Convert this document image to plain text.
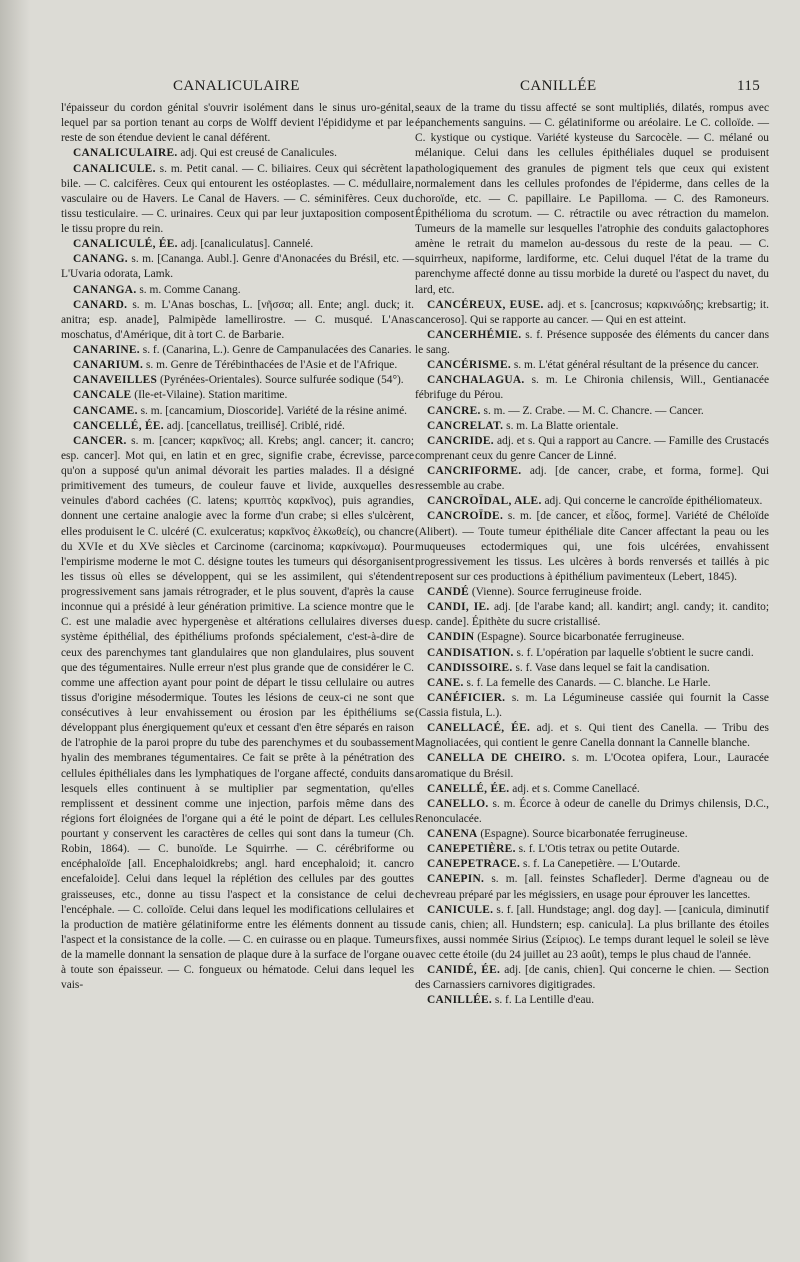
CANALICULAIRE	CANILLÉE	115

l'épaisseur du cordon génital s'ouvrir isolément dans le sinus uro-génital, lequel par sa portion tenant au corps de Wolff devient l'épididyme et par le reste de son étendue devient le canal déférent.

CANALICULAIRE. adj. Qui est creusé de Canalicules.

CANALICULE. s. m. Petit canal. — C. biliaires. Ceux qui sécrètent la bile. — C. calcifères. Ceux qui entourent les ostéoplastes. — C. médullaire, vasculaire ou de Havers. Le Canal de Havers. — C. séminifères. Ceux du tissu testiculaire. — C. urinaires. Ceux qui par leur juxtaposition composent le tissu propre du rein.

CANALICULÉ, ÉE. adj. [canaliculatus]. Cannelé.

CANANG. s. m. [Cananga. Aubl.]. Genre d'Anonacées du Brésil, etc. — L'Uvaria odorata, Lamk.

CANANGA. s. m. Comme Canang.

CANARD. s. m. L'Anas boschas, L. [νῆσσα; all. Ente; angl. duck; it. anitra; esp. anade], Palmipède lamellirostre. — C. musqué. L'Anas moschatus, d'Amérique, dit à tort C. de Barbarie.

CANARINE. s. f. (Canarina, L.). Genre de Campanulacées des Canaries.

CANARIUM. s. m. Genre de Térébinthacées de l'Asie et de l'Afrique.

CANAVEILLES (Pyrénées-Orientales). Source sulfurée sodique (54°).

CANCALE (Ile-et-Vilaine). Station maritime.

CANCAME. s. m. [cancamium, Dioscoride]. Variété de la résine animé.

CANCELLÉ, ÉE. adj. [cancellatus, treillisé]. Criblé, ridé.

CANCER. s. m. [cancer; καρκῖνος; all. Krebs; angl. cancer; it. cancro; esp. cancer]. Mot qui, en latin et en grec, signifie crabe, écrevisse, parce qu'on a supposé qu'un animal dévorait les parties malades. Il a désigné primitivement des tumeurs, de couleur fauve et livide, auxquelles des veinules d'abord cachées (C. latens; κρυπτὸς καρκῖνος), puis agrandies, donnent une certaine analogie avec la forme d'un crabe; si elles s'ulcèrent, elles produisent le C. ulcéré (C. exulceratus; καρκῖνος ἑλκωθείς), ou chancre du XVIe et du XVe siècles et Carcinome (carcinoma; καρκίνωμα). Pour l'empirisme moderne le mot C. désigne toutes les tumeurs qui désorganisent les tissus où elles se développent, qui se les assimilent, qui s'étendent progressivement sans jamais rétrograder, et le plus souvent, d'après la cause inconnue qui a présidé à leur génération primitive. La science montre que le C. est une maladie avec hypergenèse et altérations cellulaires diverses du système épithélial, des épithéliums profonds spécialement, c'est-à-dire de ceux des parenchymes tant glandulaires que non glandulaires, plus souvent que des tégumentaires. Nulle erreur n'est plus grande que de considérer le C. comme une affection ayant pour point de départ le tissu cellulaire ou autres tissus d'origine mésodermique. Toutes les lésions de ceux-ci ne sont que consécutives à leur envahissement ou érosion par les épithéliums se développant plus énergiquement qu'eux et cessant d'en être séparés en raison de l'atrophie de la paroi propre du tube des parenchymes et du soubassement hyalin des membranes tégumentaires. Ce fait se prête à la pénétration des cellules épithéliales dans les lymphatiques de l'organe affecté, conduits dans lesquels elles continuent à se multiplier par segmentation, qu'elles remplissent et dessinent comme une injection, parfois même dans des régions fort éloignées de l'organe qui a été le point de départ. Les cellules pourtant y conservent les caractères de celles qui sont dans la tumeur (Ch. Robin, 1864). — C. bunoïde. Le Squirrhe. — C. cérébriforme ou encéphaloïde [all. Encephaloidkrebs; angl. hard encephaloid; it. cancro encefaloide]. Celui dans lequel la réplétion des cellules par des gouttes graisseuses, etc., donne au tissu l'aspect et la consistance de celui de l'encéphale. — C. colloïde. Celui dans lequel les modifications cellulaires et la production de matière gélatiniforme entre les éléments donnent au tissu l'aspect et la consistance de la colle. — C. en cuirasse ou en plaque. Tumeurs de la mamelle donnant la sensation de plaque dure à la surface de l'organe ou à toute son épaisseur. — C. fongueux ou hématode. Celui dans lequel les vais-

seaux de la trame du tissu affecté se sont multipliés, dilatés, rompus avec épanchements sanguins. — C. gélatiniforme ou aréolaire. Le C. colloïde. — C. kystique ou cystique. Variété kysteuse du Sarcocèle. — C. mélané ou mélanique. Celui dans les cellules épithéliales duquel se produisent pathologiquement des granules de pigment tels que ceux qui existent normalement dans les cellules profondes de l'épiderme, dans celles de la choroïde, etc. — C. papillaire. Le Papilloma. — C. des Ramoneurs. Épithélioma du scrotum. — C. rétractile ou avec rétraction du mamelon. Tumeurs de la mamelle sur lesquelles l'atrophie des conduits galactophores amène le retrait du mamelon au-dessous du reste de la peau. — C. squirrheux, napiforme, lardiforme, etc. Celui duquel l'état de la trame du parenchyme affecté donne au tissu morbide la dureté ou l'aspect du navet, du lard, etc.

CANCÉREUX, EUSE. adj. et s. [cancrosus; καρκινώδης; krebsartig; it. canceroso]. Qui se rapporte au cancer. — Qui en est atteint.

CANCERHÉMIE. s. f. Présence supposée des éléments du cancer dans le sang.

CANCÉRISME. s. m. L'état général résultant de la présence du cancer.

CANCHALAGUA. s. m. Le Chironia chilensis, Will., Gentianacée fébrifuge du Pérou.

CANCRE. s. m. — Z. Crabe. — M. C. Chancre. — Cancer.

CANCRELAT. s. m. La Blatte orientale.

CANCRIDE. adj. et s. Qui a rapport au Cancre. — Famille des Crustacés comprenant ceux du genre Cancer de Linné.

CANCRIFORME. adj. [de cancer, crabe, et forma, forme]. Qui ressemble au crabe.

CANCROÏDAL, ALE. adj. Qui concerne le cancroïde épithéliomateux.

CANCROÏDE. s. m. [de cancer, et εἶδος, forme]. Variété de Chéloïde (Alibert). — Toute tumeur épithéliale dite Cancer affectant la peau ou les muqueuses ectodermiques qui, une fois ulcérées, envahissent progressivement les tissus. Les ulcères à bords renversés et taillés à pic reposent sur ces productions à épithélium pavimenteux (Lebert, 1845).

CANDÉ (Vienne). Source ferrugineuse froide.

CANDI, IE. adj. [de l'arabe kand; all. kandirt; angl. candy; it. candito; esp. cande]. Épithète du sucre cristallisé.

CANDIN (Espagne). Source bicarbonatée ferrugineuse.

CANDISATION. s. f. L'opération par laquelle s'obtient le sucre candi.

CANDISSOIRE. s. f. Vase dans lequel se fait la candisation.

CANE. s. f. La femelle des Canards. — C. blanche. Le Harle.

CANÉFICIER. s. m. La Légumineuse cassiée qui fournit la Casse (Cassia fistula, L.).

CANELLACÉ, ÉE. adj. et s. Qui tient des Canella. — Tribu des Magnoliacées, qui contient le genre Canella donnant la Cannelle blanche.

CANELLA DE CHEIRO. s. m. L'Ocotea opifera, Lour., Lauracée aromatique du Brésil.

CANELLÉ, ÉE. adj. et s. Comme Canellacé.

CANELLO. s. m. Écorce à odeur de canelle du Drimys chilensis, D.C., Renonculacée.

CANENA (Espagne). Source bicarbonatée ferrugineuse.

CANEPETIÈRE. s. f. L'Otis tetrax ou petite Outarde.

CANEPETRACE. s. f. La Canepetière. — L'Outarde.

CANEPIN. s. m. [all. feinstes Schafleder]. Derme d'agneau ou de chevreau préparé par les mégissiers, en usage pour éprouver les lancettes.

CANICULE. s. f. [all. Hundstage; angl. dog day]. — [canicula, diminutif de canis, chien; all. Hundstern; esp. canicula]. La plus brillante des étoiles fixes, aussi nommée Sirius (Σείριος). Le temps durant lequel le soleil se lève avec cette étoile (du 24 juillet au 23 août), temps le plus chaud de l'année.

CANIDÉ, ÉE. adj. [de canis, chien]. Qui concerne le chien. — Section des Carnassiers carnivores digitigrades.

CANILLÉE. s. f. La Lentille d'eau.
